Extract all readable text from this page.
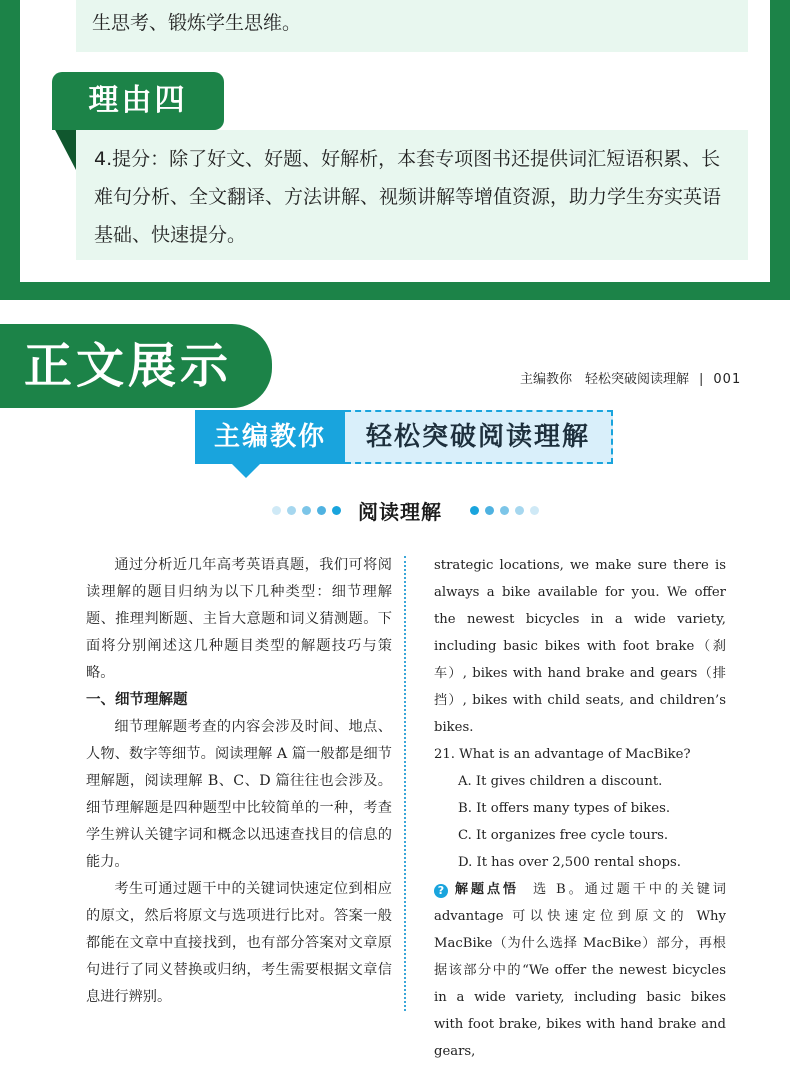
生思考、锻炼学生思维。
4.提分：除了好文、好题、好解析，本套专项图书还提供词汇短语积累、长难句分析、全文翻译、方法讲解、视频讲解等增值资源，助力学生夯实英语基础、快速提分。
理由四
正文展示	主编教你　轻松突破阅读理解 | 001
主编教你	轻松突破阅读理解
阅读理解

通过分析近几年高考英语真题，我们可将阅读理解的题目归纳为以下几种类型：细节理解题、推理判断题、主旨大意题和词义猜测题。下面将分别阐述这几种题目类型的解题技巧与策略。

一、细节理解题

细节理解题考查的内容会涉及时间、地点、人物、数字等细节。阅读理解 A 篇一般都是细节理解题，阅读理解 B、C、D 篇往往也会涉及。细节理解题是四种题型中比较简单的一种，考查学生辨认关键字词和概念以迅速查找目的信息的能力。

考生可通过题干中的关键词快速定位到相应的原文，然后将原文与选项进行比对。答案一般都能在文章中直接找到，也有部分答案对文章原句进行了同义替换或归纳，考生需要根据文章信息进行辨别。

strategic locations, we make sure there is always a bike available for you. We offer the newest bicycles in a wide variety, including basic bikes with foot brake（刹车）, bikes with hand brake and gears（排挡）, bikes with child seats, and children’s bikes.

21. What is an advantage of MacBike?

A. It gives children a discount.

B. It offers many types of bikes.

C. It organizes free cycle tours.

D. It has over 2,500 rental shops.

? 解题点悟 选 B。通过题干中的关键词 advantage 可以快速定位到原文的 Why MacBike（为什么选择 MacBike）部分，再根据该部分中的“We offer the newest bicycles in a wide variety, including basic bikes with foot brake, bikes with hand brake and gears,
